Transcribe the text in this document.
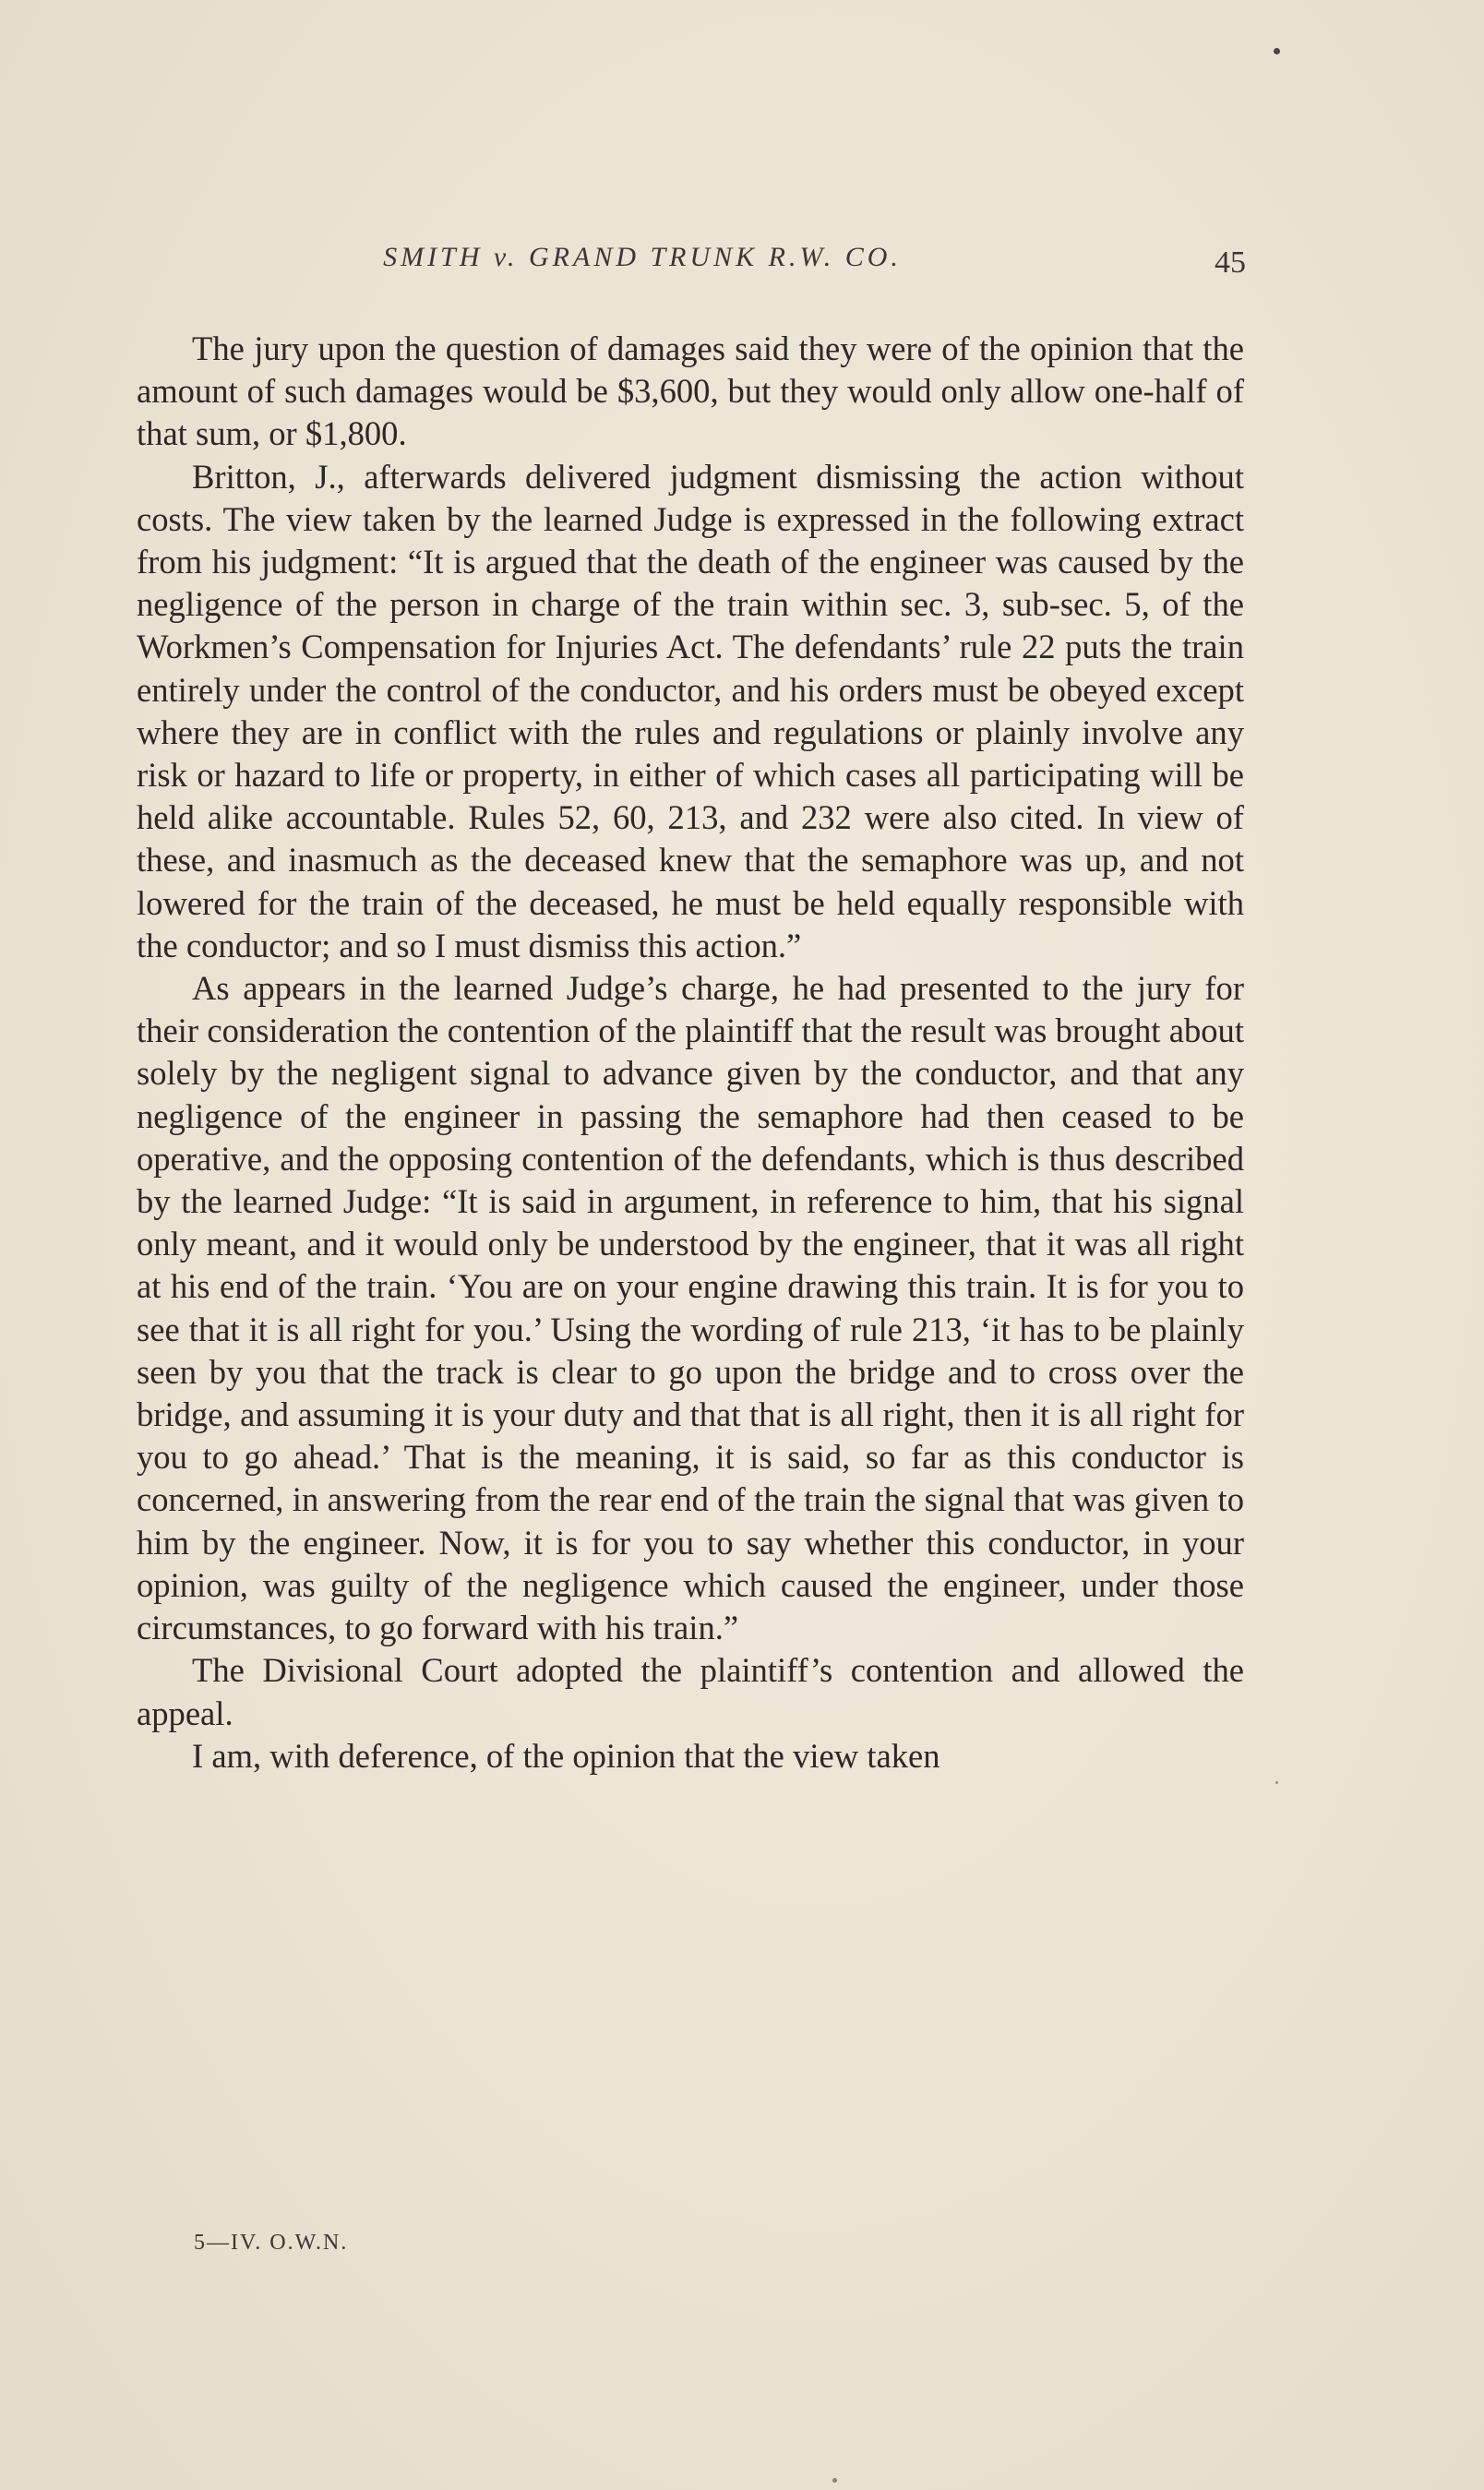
SMITH v. GRAND TRUNK R.W. CO.	45

The jury upon the question of damages said they were of the opinion that the amount of such damages would be $3,600, but they would only allow one-half of that sum, or $1,800.

Britton, J., afterwards delivered judgment dismissing the action without costs. The view taken by the learned Judge is expressed in the following extract from his judgment: “It is argued that the death of the engineer was caused by the negligence of the person in charge of the train within sec. 3, sub-sec. 5, of the Workmen’s Compensation for Injuries Act. The defendants’ rule 22 puts the train entirely under the control of the conductor, and his orders must be obeyed except where they are in conflict with the rules and regulations or plainly involve any risk or hazard to life or property, in either of which cases all participating will be held alike accountable. Rules 52, 60, 213, and 232 were also cited. In view of these, and inasmuch as the deceased knew that the semaphore was up, and not lowered for the train of the deceased, he must be held equally responsible with the conductor; and so I must dismiss this action.”

As appears in the learned Judge’s charge, he had presented to the jury for their consideration the contention of the plaintiff that the result was brought about solely by the negligent signal to advance given by the conductor, and that any negligence of the engineer in passing the semaphore had then ceased to be operative, and the opposing contention of the defendants, which is thus described by the learned Judge: “It is said in argument, in reference to him, that his signal only meant, and it would only be understood by the engineer, that it was all right at his end of the train. ‘You are on your engine drawing this train. It is for you to see that it is all right for you.’ Using the wording of rule 213, ‘it has to be plainly seen by you that the track is clear to go upon the bridge and to cross over the bridge, and assuming it is your duty and that that is all right, then it is all right for you to go ahead.’ That is the meaning, it is said, so far as this conductor is concerned, in answering from the rear end of the train the signal that was given to him by the engineer. Now, it is for you to say whether this conductor, in your opinion, was guilty of the negligence which caused the engineer, under those circumstances, to go forward with his train.”

The Divisional Court adopted the plaintiff’s contention and allowed the appeal.

I am, with deference, of the opinion that the view taken

5—IV. O.W.N.
